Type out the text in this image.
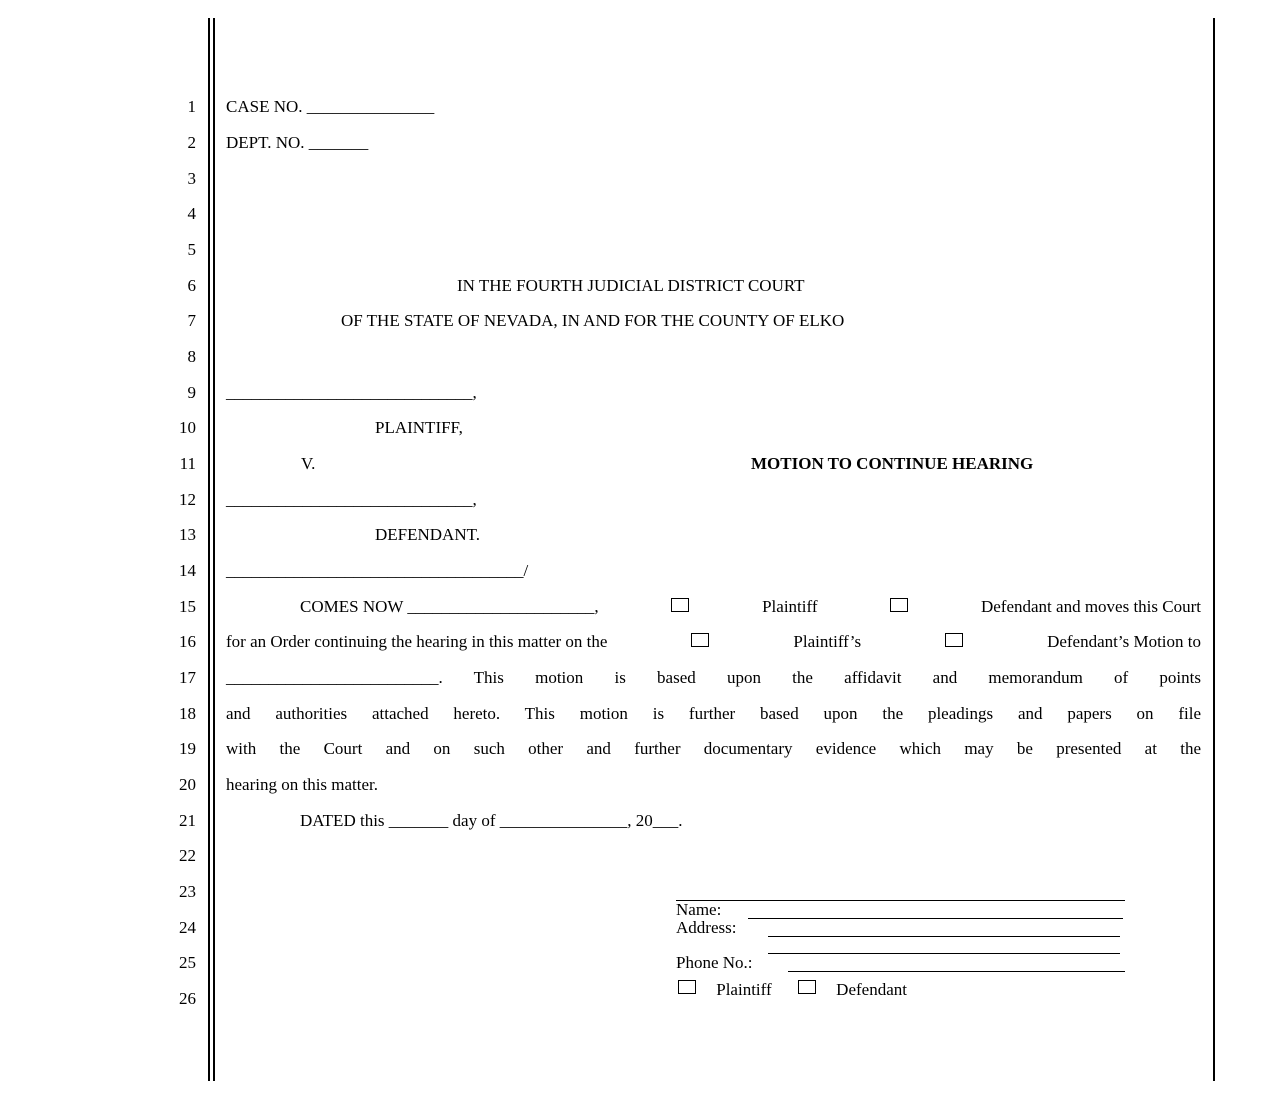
1
2
3
4
5
6
7
8
9
10
11
12
13
14
15
16
17
18
19
20
21
22
23
24
25
26
CASE NO. _______________
DEPT. NO. _______
IN THE FOURTH JUDICIAL DISTRICT COURT
OF THE STATE OF NEVADA, IN AND FOR THE COUNTY OF ELKO
_____________________________,
PLAINTIFF,
V.	MOTION TO CONTINUE HEARING
_____________________________,
DEFENDANT.
___________________________________/
COMES NOW ______________________,	Plaintiff	Defendant and moves this Court
for an Order continuing the hearing in this matter on the	Plaintiff’s	Defendant’s Motion to
_________________________. This motion is based upon the affidavit and memorandum of points
and authorities attached hereto. This motion is further based upon the pleadings and papers on file
with the Court and on such other and further documentary evidence which may be presented at the
hearing on this matter.
DATED this _______ day of _______________, 20___.
Name:
Address:
Phone No.:
Plaintiff	Defendant
